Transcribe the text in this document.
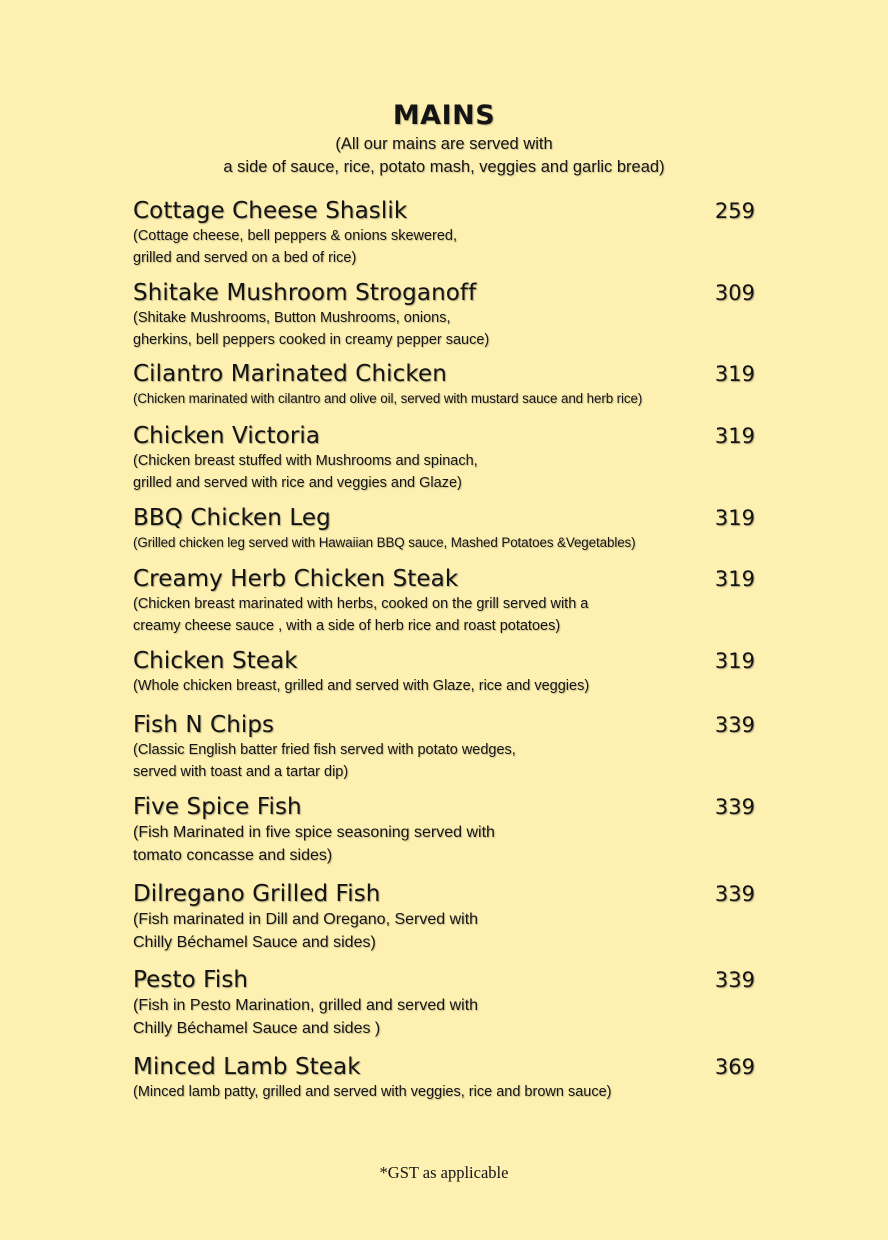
MAINS
(All our mains are served with
a side of sauce, rice, potato mash, veggies and garlic bread)
Cottage Cheese Shaslik	259
(Cottage cheese, bell peppers & onions skewered,
grilled and served on a bed of rice)
Shitake Mushroom Stroganoff	309
(Shitake Mushrooms, Button Mushrooms, onions,
gherkins, bell peppers cooked in creamy pepper sauce)
Cilantro Marinated Chicken	319
(Chicken marinated with cilantro and olive oil, served with mustard sauce and herb rice)
Chicken Victoria	319
(Chicken breast stuffed with Mushrooms and spinach,
grilled and served with rice and veggies and Glaze)
BBQ Chicken Leg	319
(Grilled chicken leg served with Hawaiian BBQ sauce, Mashed Potatoes &Vegetables)
Creamy Herb Chicken Steak	319
(Chicken breast marinated with herbs, cooked on the grill served with a
creamy cheese sauce , with a side of herb rice and roast potatoes)
Chicken Steak	319
(Whole chicken breast, grilled and served with Glaze, rice and veggies)
Fish N Chips	339
(Classic English batter fried fish served with potato wedges,
served with toast and a tartar dip)
Five Spice Fish	339
(Fish Marinated in five spice seasoning served with
tomato concasse and sides)
Dilregano Grilled Fish	339
(Fish marinated in Dill and Oregano, Served with
Chilly Béchamel Sauce and sides)
Pesto Fish	339
(Fish in Pesto Marination, grilled and served with
Chilly Béchamel Sauce and sides )
Minced Lamb Steak	369
(Minced lamb patty, grilled and served with veggies, rice and brown sauce)
*GST as applicable
